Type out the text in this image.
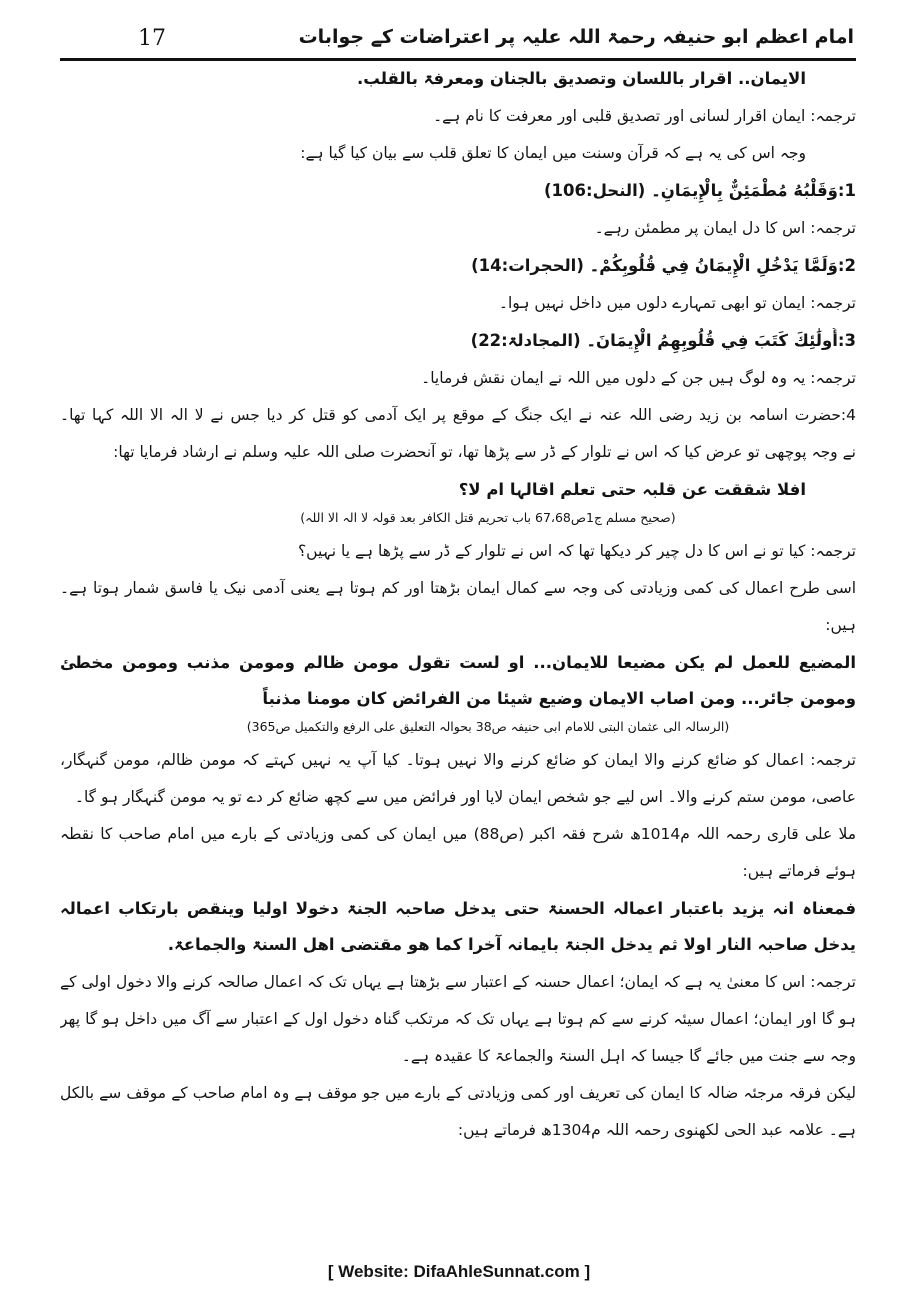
17	امام اعظم ابو حنیفہ رحمۃ اللہ علیہ پر اعتراضات کے جوابات
الایمان.. اقرار باللسان وتصدیق بالجنان ومعرفۃ بالقلب.
ترجمہ: ایمان اقرار لسانی اور تصدیق قلبی اور معرفت کا نام ہے۔
وجہ اس کی یہ ہے کہ قرآن وسنت میں ایمان کا تعلق قلب سے بیان کیا گیا ہے:
1:وَقَلْبُهُ مُطْمَئِنٌّ بِالْإِيمَانِ۔ (النحل:106)
ترجمہ: اس کا دل ایمان پر مطمئن رہے۔
2:وَلَمَّا يَدْخُلِ الْإِيمَانُ فِي قُلُوبِكُمْ۔ (الحجرات:14)
ترجمہ: ایمان تو ابھی تمہارے دلوں میں داخل نہیں ہوا۔
3:أُولَٰئِكَ كَتَبَ فِي قُلُوبِهِمُ الْإِيمَانَ۔ (المجادلۃ:22)
ترجمہ: یہ وہ لوگ ہیں جن کے دلوں میں اللہ نے ایمان نقش فرمایا۔
4:حضرت اسامہ بن زید رضی اللہ عنہ نے ایک جنگ کے موقع پر ایک آدمی کو قتل کر دیا جس نے لا الہ الا اللہ کہا تھا۔
نے وجہ پوچھی تو عرض کیا کہ اس نے تلوار کے ڈر سے پڑھا تھا، تو آنحضرت صلی اللہ علیہ وسلم نے ارشاد فرمایا تھا:
افلا شققت عن قلبہ حتی تعلم اقالہا ام لا؟
(صحیح مسلم ج1ص67،68 باب تحریم قتل الکافر بعد قولہ لا الہ الا اللہ)
ترجمہ: کیا تو نے اس کا دل چیر کر دیکھا تھا کہ اس نے تلوار کے ڈر سے پڑھا ہے یا نہیں؟
اسی طرح اعمال کی کمی وزیادتی کی وجہ سے کمال ایمان بڑھتا اور کم ہوتا ہے یعنی آدمی نیک یا فاسق شمار ہوتا ہے۔
ہیں:
المضیع للعمل لم یکن مضیعا للایمان... او لست تقول مومن ظالم ومومن مذنب ومومن مخطئ
ومومن جائر... ومن اصاب الایمان وضیع شیئا من الفرائض کان مومنا مذنباً
(الرسالہ الی عثمان البتی للامام ابی حنیفہ ص38 بحوالہ التعلیق علی الرفع والتکمیل ص365)
ترجمہ: اعمال کو ضائع کرنے والا ایمان کو ضائع کرنے والا نہیں ہوتا۔ کیا آپ یہ نہیں کہتے کہ مومن ظالم، مومن گنہگار،
عاصی، مومن ستم کرنے والا۔ اس لیے جو شخص ایمان لایا اور فرائض میں سے کچھ ضائع کر دے تو یہ مومن گنہگار ہو گا۔
ملا علی قاری رحمہ اللہ م1014ھ شرح فقہ اکبر (ص88) میں ایمان کی کمی وزیادتی کے بارے میں امام صاحب کا نقطہ
ہوئے فرماتے ہیں:
فمعناہ انہ یزید باعتبار اعمالہ الحسنۃ حتی یدخل صاحبہ الجنۃ دخولا اولیا وینقص بارتکاب اعمالہ
یدخل صاحبہ النار اولا ثم یدخل الجنۃ بایمانہ آخرا کما ھو مقتضی اھل السنۃ والجماعۃ.
ترجمہ: اس کا معنیٰ یہ ہے کہ ایمان؛ اعمال حسنہ کے اعتبار سے بڑھتا ہے یہاں تک کہ اعمال صالحہ کرنے والا دخول اولی کے
ہو گا اور ایمان؛ اعمال سیئہ کرنے سے کم ہوتا ہے یہاں تک کہ مرتکب گناہ دخول اول کے اعتبار سے آگ میں داخل ہو گا پھر
وجہ سے جنت میں جائے گا جیسا کہ اہل السنۃ والجماعۃ کا عقیدہ ہے۔
لیکن فرقہ مرجئہ ضالہ کا ایمان کی تعریف اور کمی وزیادتی کے بارے میں جو موقف ہے وہ امام صاحب کے موقف سے بالکل
ہے۔ علامہ عبد الحی لکھنوی رحمہ اللہ م1304ھ فرماتے ہیں:
[ Website: DifaAhleSunnat.com ]
